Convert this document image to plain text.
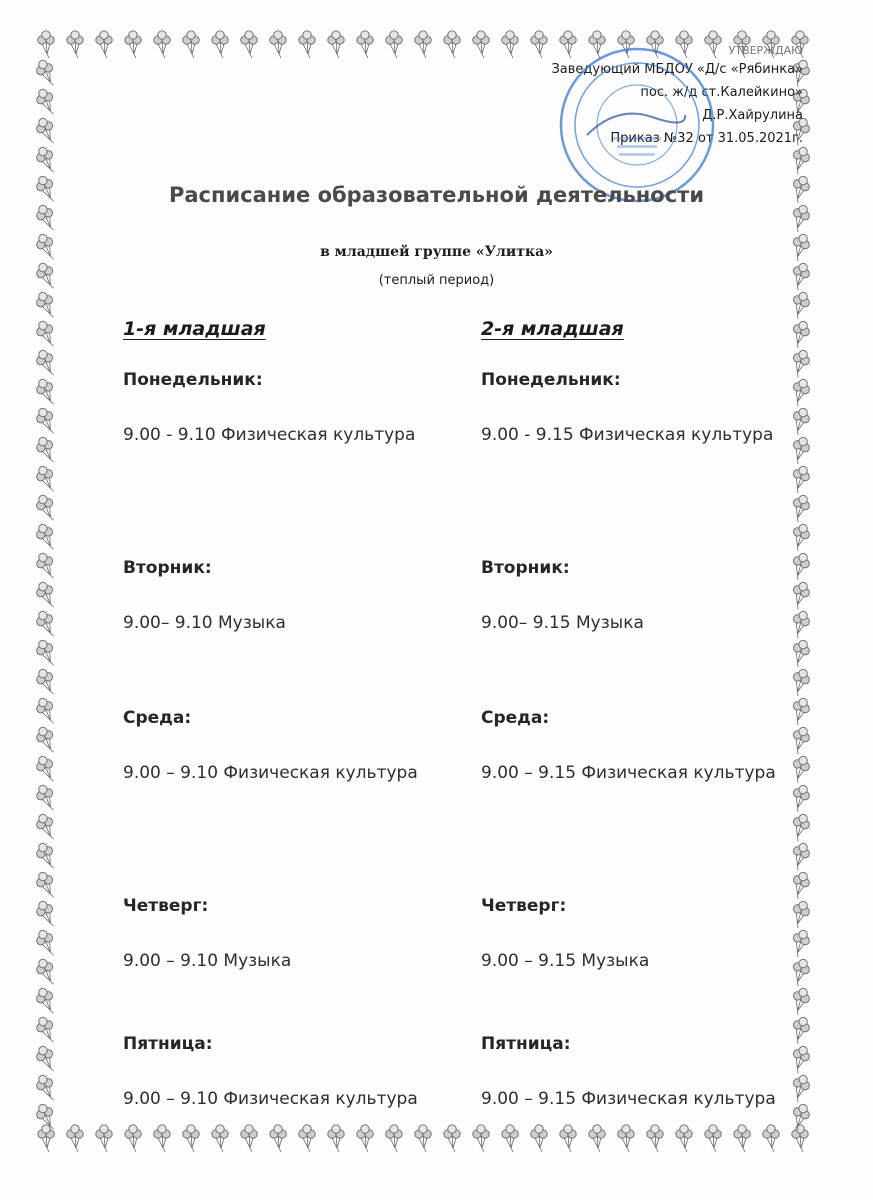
УТВЕРЖДАЮ
Заведующий МБДОУ «Д/с «Рябинка»
пос. ж/д ст.Калейкино»
Д.Р.Хайрулина
Приказ №32 от 31.05.2021г.
Расписание образовательной деятельности
в младшей группе «Улитка»
(теплый период)
1-я младшая
Понедельник:
9.00 - 9.10 Физическая культура
Вторник:
9.00– 9.10 Музыка
Среда:
9.00 – 9.10 Физическая культура
Четверг:
9.00 – 9.10 Музыка
Пятница:
9.00 – 9.10 Физическая культура
2-я младшая
Понедельник:
9.00 - 9.15 Физическая культура
Вторник:
9.00– 9.15 Музыка
Среда:
9.00 – 9.15 Физическая культура
Четверг:
9.00 – 9.15 Музыка
Пятница:
9.00 – 9.15 Физическая культура
